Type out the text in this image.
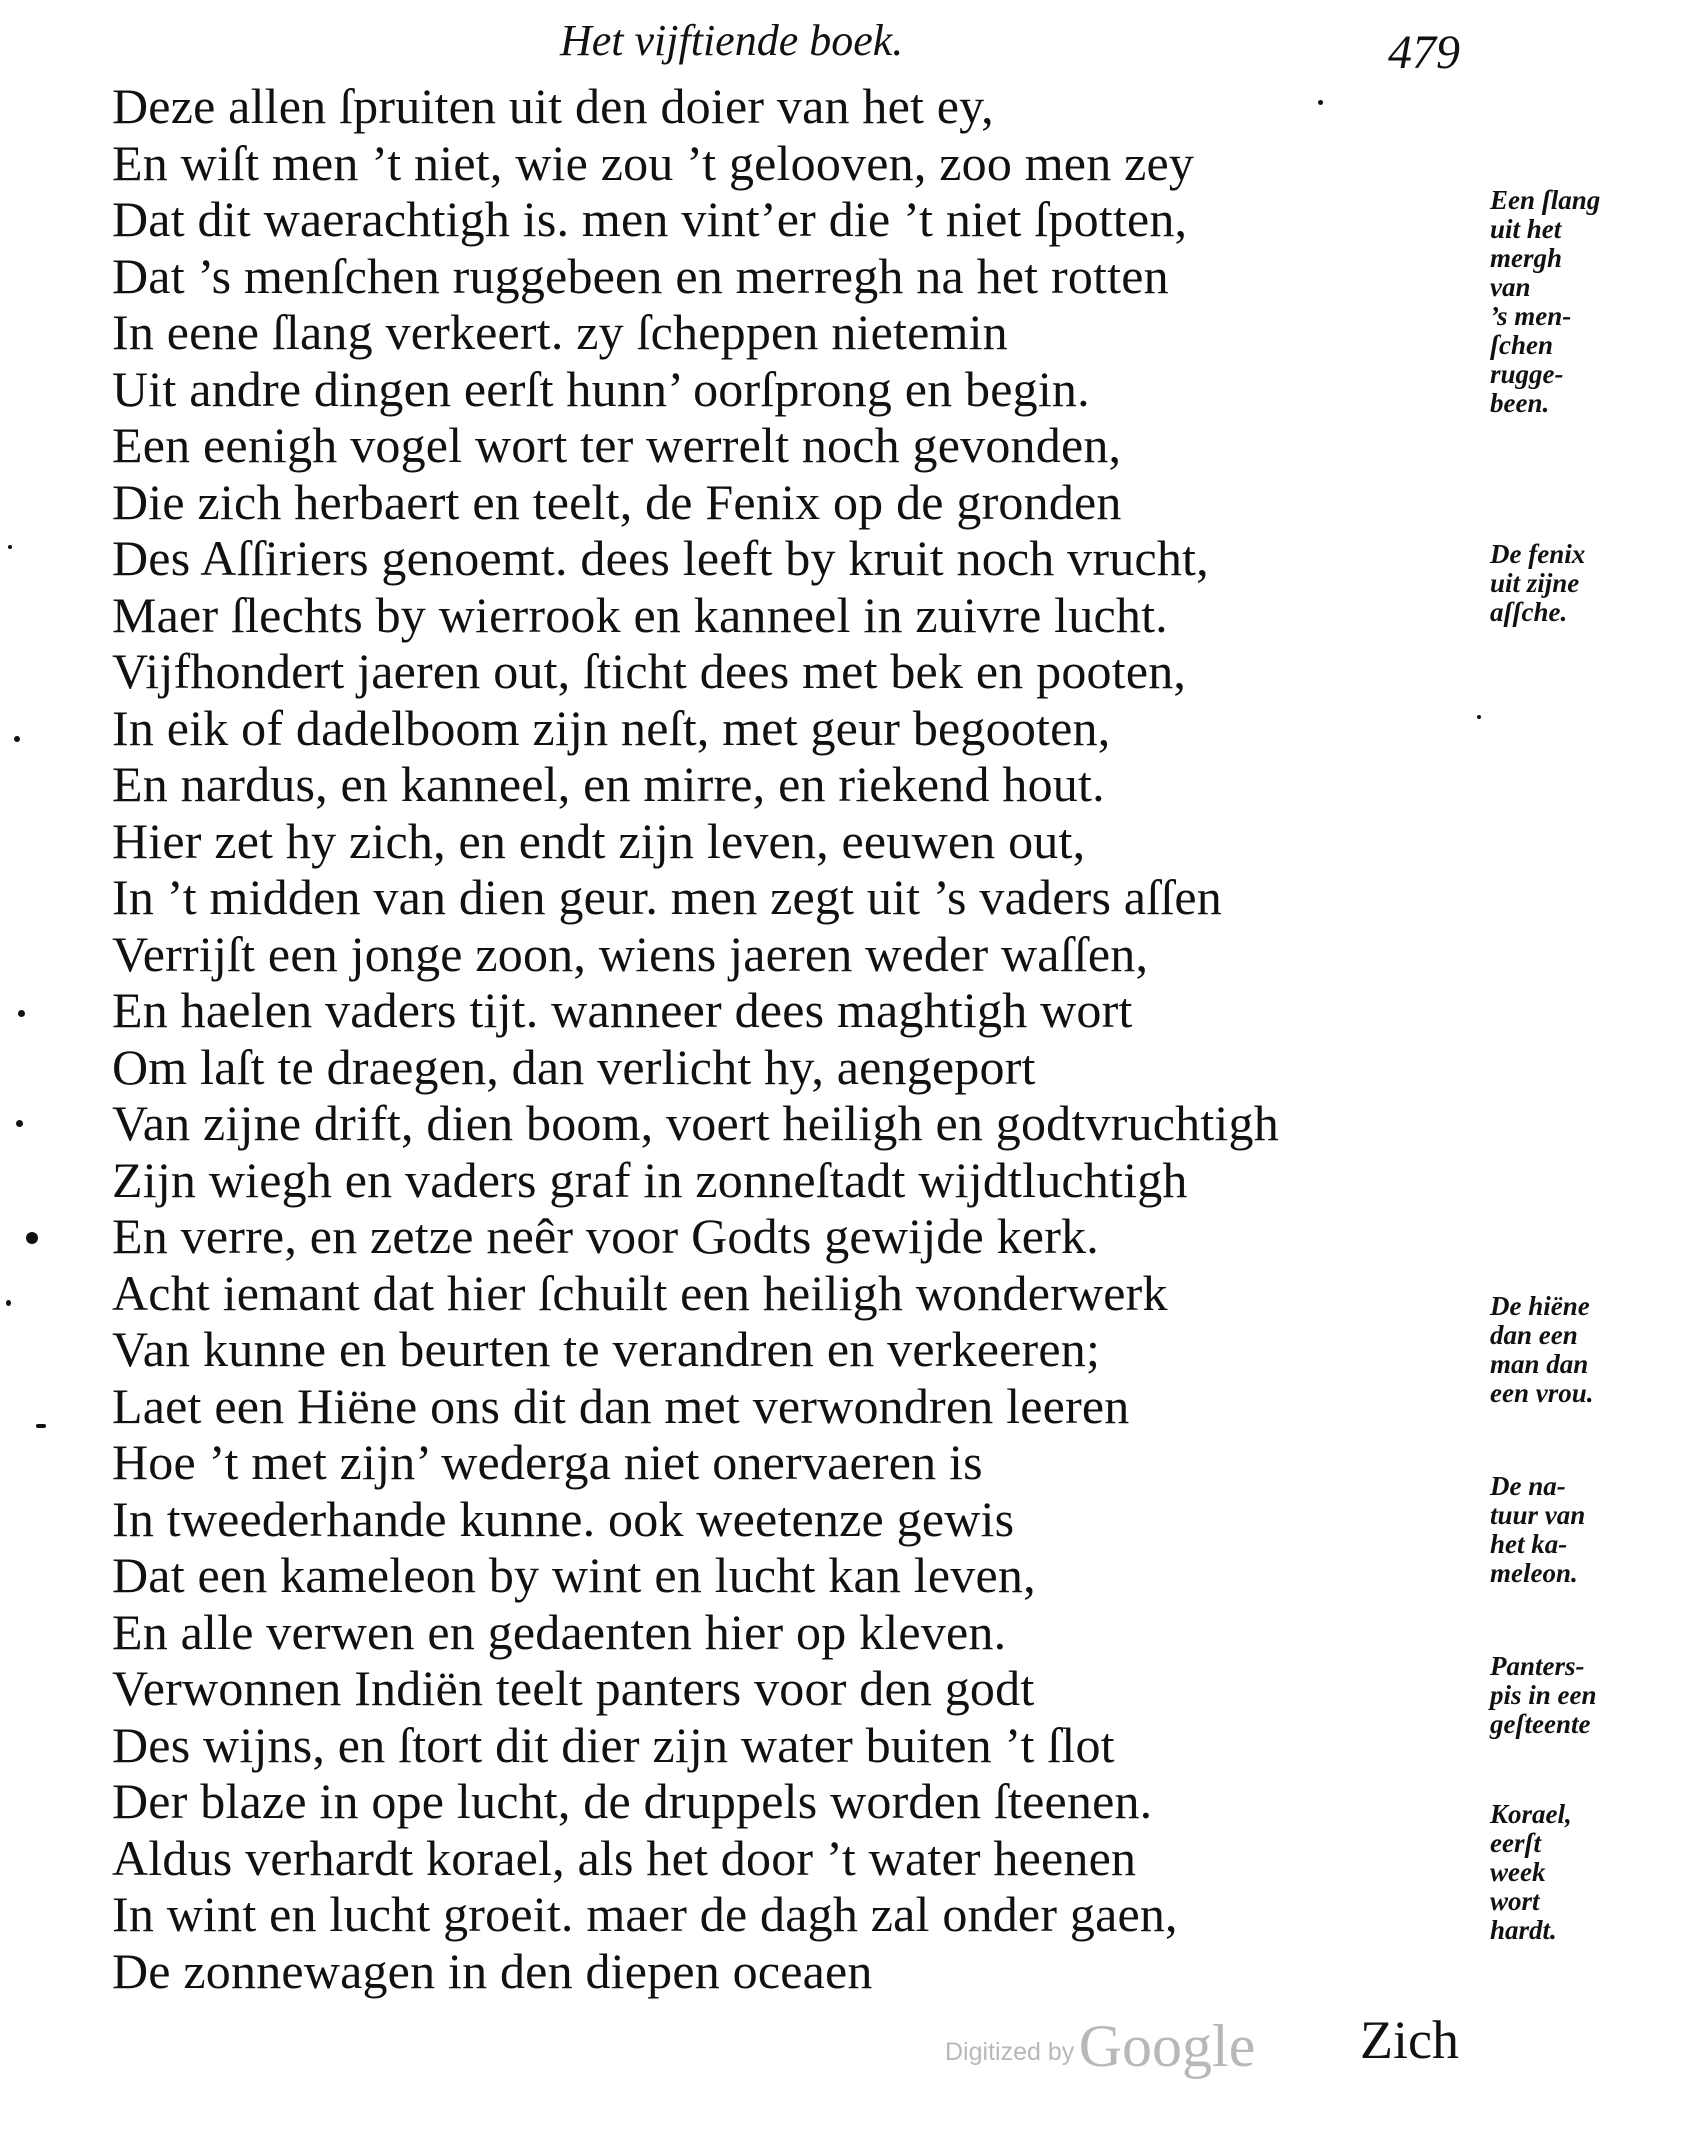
Het vijftiende boek.	479
Deze allen ſpruiten uit den doier van het ey,
En wiſt men ’t niet, wie zou ’t gelooven, zoo men zey
Dat dit waerachtigh is. men vint’er die ’t niet ſpotten,
Dat ’s menſchen ruggebeen en merregh na het rotten
In eene ſlang verkeert. zy ſcheppen nietemin
Uit andre dingen eerſt hunn’ oorſprong en begin.
Een eenigh vogel wort ter werrelt noch gevonden,
Die zich herbaert en teelt, de Fenix op de gronden
Des Aſſiriers genoemt. dees leeft by kruit noch vrucht,
Maer ſlechts by wierrook en kanneel in zuivre lucht.
Vijfhondert jaeren out, ſticht dees met bek en pooten,
In eik of dadelboom zijn neſt, met geur begooten,
En nardus, en kanneel, en mirre, en riekend hout.
Hier zet hy zich, en endt zijn leven, eeuwen out,
In ’t midden van dien geur. men zegt uit ’s vaders aſſen
Verrijſt een jonge zoon, wiens jaeren weder waſſen,
En haelen vaders tijt. wanneer dees maghtigh wort
Om laſt te draegen, dan verlicht hy, aengeport
Van zijne drift, dien boom, voert heiligh en godtvruchtigh
Zijn wiegh en vaders graf in zonneſtadt wijdtluchtigh
En verre, en zetze neêr voor Godts gewijde kerk.
Acht iemant dat hier ſchuilt een heiligh wonderwerk
Van kunne en beurten te verandren en verkeeren;
Laet een Hiëne ons dit dan met verwondren leeren
Hoe ’t met zijn’ wederga niet onervaeren is
In tweederhande kunne. ook weetenze gewis
Dat een kameleon by wint en lucht kan leven,
En alle verwen en gedaenten hier op kleven.
Verwonnen Indiën teelt panters voor den godt
Des wijns, en ſtort dit dier zijn water buiten ’t ſlot
Der blaze in ope lucht, de druppels worden ſteenen.
Aldus verhardt korael, als het door ’t water heenen
In wint en lucht groeit. maer de dagh zal onder gaen,
De zonnewagen in den diepen oceaen
Een ſlang
uit het
mergh
van
’s men-
ſchen
rugge-
been.
De fenix
uit zijne
aſſche.
De hiëne
dan een
man dan
een vrou.
De na-
tuur van
het ka-
meleon.
Panters-
pis in een
geſteente
Korael,
eerſt
week
wort
hardt.
Digitized by Google Zich
